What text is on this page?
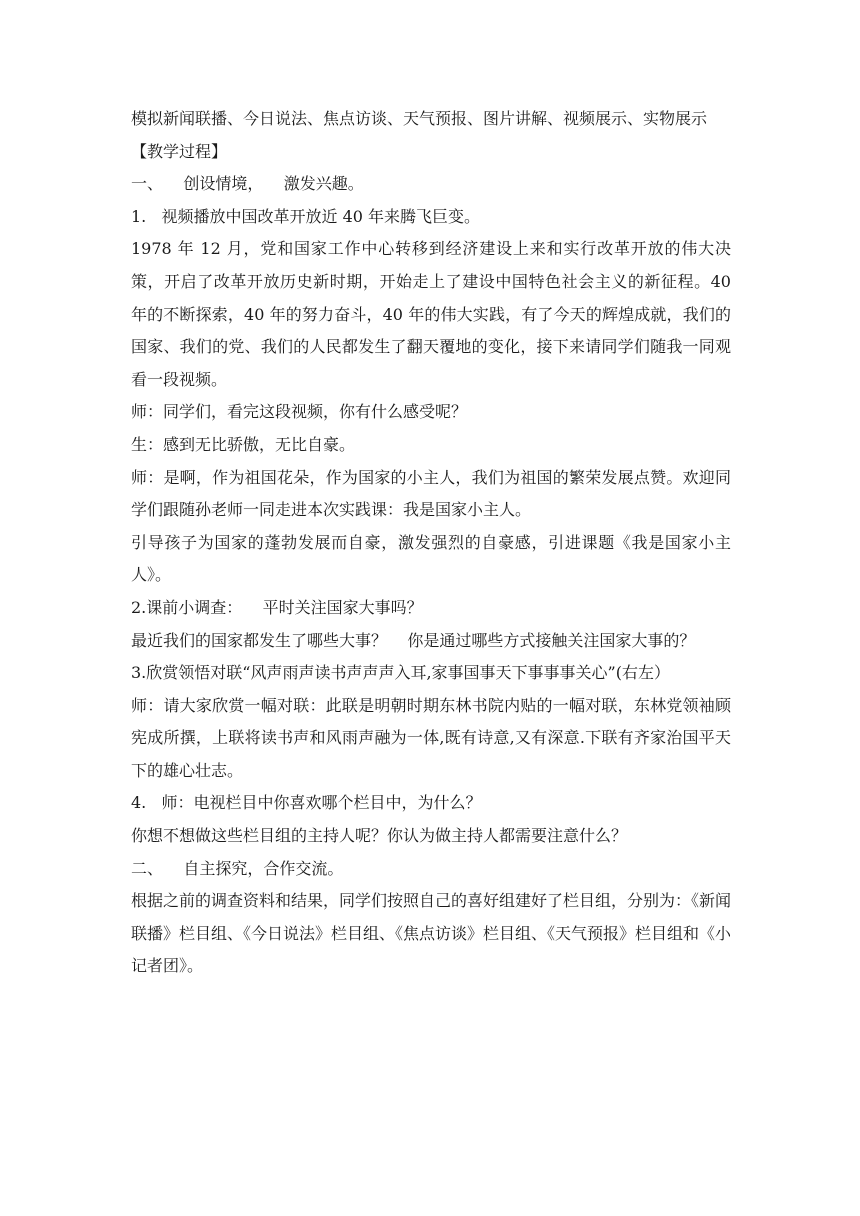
模拟新闻联播、今日说法、焦点访谈、天气预报、图片讲解、视频展示、实物展示

【教学过程】

一、    创设情境，    激发兴趣。

1.   视频播放中国改革开放近 40 年来腾飞巨变。

1978 年 12 月，党和国家工作中心转移到经济建设上来和实行改革开放的伟大决策，开启了改革开放历史新时期，开始走上了建设中国特色社会主义的新征程。40 年的不断探索，40 年的努力奋斗，40 年的伟大实践，有了今天的辉煌成就，我们的国家、我们的党、我们的人民都发生了翻天覆地的变化，接下来请同学们随我一同观看一段视频。

师：同学们，看完这段视频，你有什么感受呢？

生：感到无比骄傲，无比自豪。

师：是啊，作为祖国花朵，作为国家的小主人，我们为祖国的繁荣发展点赞。欢迎同学们跟随孙老师一同走进本次实践课：我是国家小主人。

引导孩子为国家的蓬勃发展而自豪，激发强烈的自豪感，引进课题《我是国家小主人》。

2.课前小调查：    平时关注国家大事吗？

最近我们的国家都发生了哪些大事？    你是通过哪些方式接触关注国家大事的？

3.欣赏领悟对联“风声雨声读书声声声入耳,家事国事天下事事事关心”(右左）

师：请大家欣赏一幅对联：此联是明朝时期东林书院内贴的一幅对联，东林党领袖顾宪成所撰，上联将读书声和风雨声融为一体,既有诗意,又有深意.下联有齐家治国平天下的雄心壮志。

4.   师：电视栏目中你喜欢哪个栏目中，为什么？

你想不想做这些栏目组的主持人呢？你认为做主持人都需要注意什么？

二、    自主探究，合作交流。

根据之前的调查资料和结果，同学们按照自己的喜好组建好了栏目组，分别为：《新闻联播》栏目组、《今日说法》栏目组、《焦点访谈》栏目组、《天气预报》栏目组和《小记者团》。
